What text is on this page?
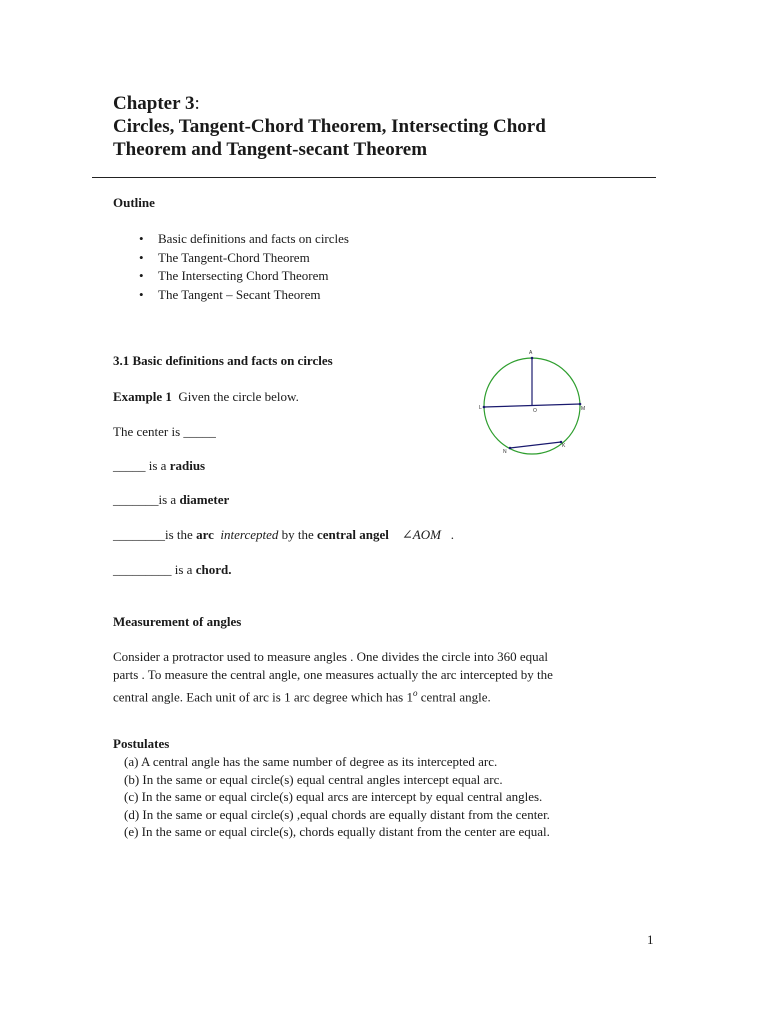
Chapter 3:
Circles, Tangent-Chord Theorem, Intersecting Chord
Theorem and Tangent-secant Theorem
Outline
• Basic definitions and facts on circles
• The Tangent-Chord Theorem
• The Intersecting Chord Theorem
• The Tangent – Secant Theorem
3.1 Basic definitions and facts on circles
Example 1 Given the circle below.
The center is _____
_____ is a radius
_______is a diameter
________is the arc intercepted by the central angel ∠AOM .
_________ is a chord.
A
L	O	M
N
K
Measurement of angles
Consider a protractor used to measure angles . One divides the circle into 360 equal
parts . To measure the central angle, one measures actually the arc intercepted by the
central angle. Each unit of arc is 1 arc degree which has 1$^o$ central angle.
Postulates
(a) A central angle has the same number of degree as its intercepted arc.
(b) In the same or equal circle(s) equal central angles intercept equal arc.
(c) In the same or equal circle(s) equal arcs are intercept by equal central angles.
(d) In the same or equal circle(s) ,equal chords are equally distant from the center.
(e) In the same or equal circle(s), chords equally distant from the center are equal.
1
